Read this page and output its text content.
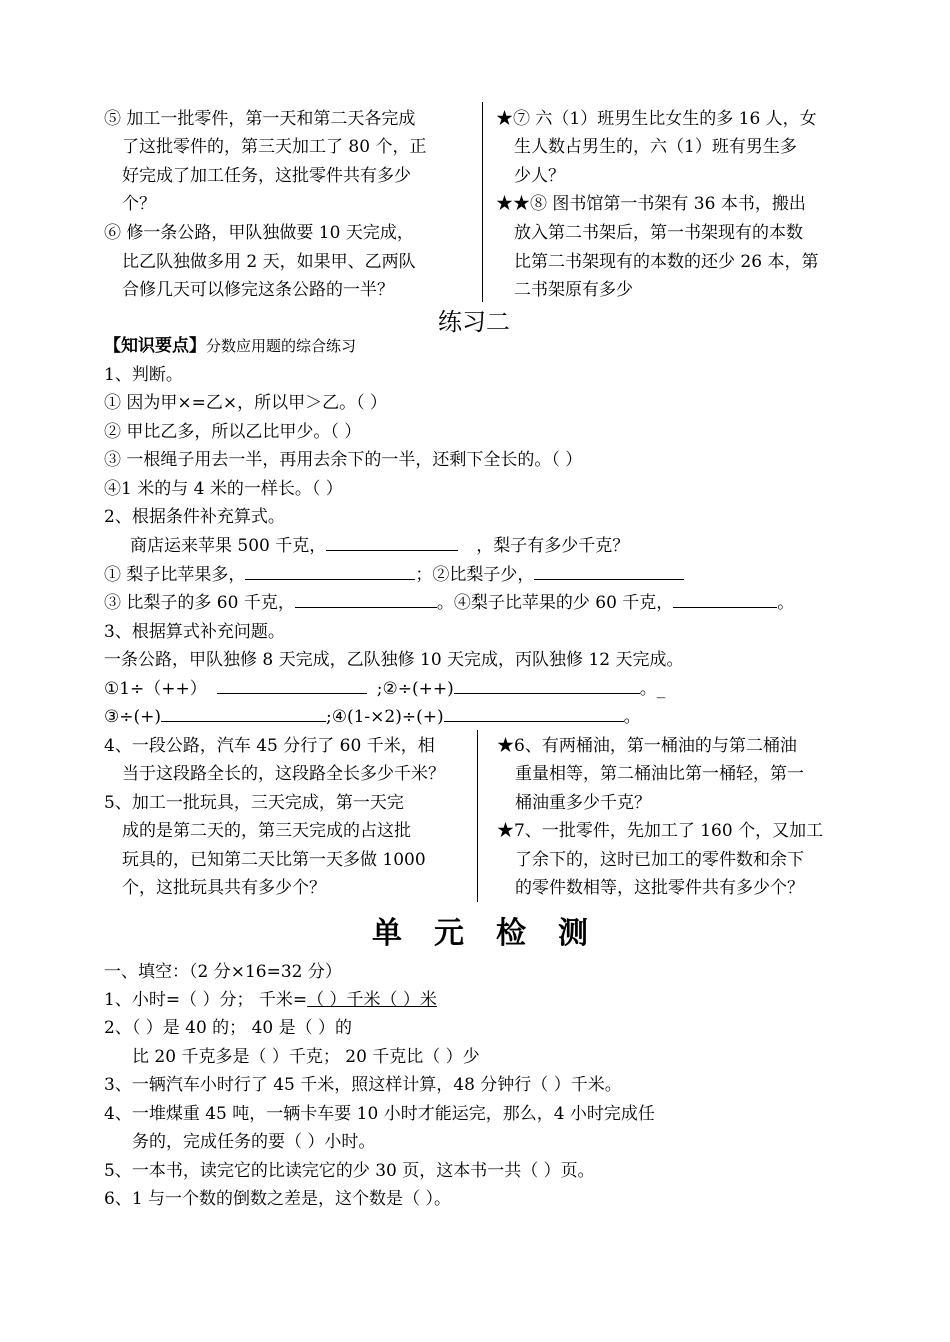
⑤ 加工一批零件，第一天和第二天各完成
了这批零件的，第三天加工了 80 个，正
好完成了加工任务，这批零件共有多少
个？
⑥ 修一条公路，甲队独做要 10 天完成，
比乙队独做多用 2 天，如果甲、乙两队
合修几天可以修完这条公路的一半？
★⑦ 六（1）班男生比女生的多 16 人，女
生人数占男生的，六（1）班有男生多
少人？
★★⑧ 图书馆第一书架有 36 本书，搬出
放入第二书架后，第一书架现有的本数
比第二书架现有的本数的还少 26 本，第
二书架原有多少
练习二
【知识要点】分数应用题的综合练习
1、判断。
① 因为甲×=乙×，所以甲＞乙。（ ）
② 甲比乙多，所以乙比甲少。（ ）
③ 一根绳子用去一半，再用去余下的一半，还剩下全长的。（ ）
④1 米的与 4 米的一样长。（ ）
2、根据条件补充算式。
商店运来苹果 500 千克，	，梨子有多少千克？
① 梨子比苹果多，	；②比梨子少，
③ 比梨子的多 60 千克，	。④梨子比苹果的少 60 千克，	。
3、根据算式补充问题。
一条公路，甲队独修 8 天完成，乙队独修 10 天完成，丙队独修 12 天完成。
①1÷（++）	;②÷(++)	。_
③÷(+)	;④(1-×2)÷(+)	。
4、一段公路，汽车 45 分行了 60 千米，相
当于这段路全长的，这段路全长多少千米？
5、加工一批玩具，三天完成，第一天完
成的是第二天的，第三天完成的占这批
玩具的，已知第二天比第一天多做 1000
个，这批玩具共有多少个？
★6、有两桶油，第一桶油的与第二桶油
重量相等，第二桶油比第一桶轻，第一
桶油重多少千克？
★7、一批零件，先加工了 160 个，又加工
了余下的，这时已加工的零件数和余下
的零件数相等，这批零件共有多少个？
单元检测
一、填空：（2 分×16=32 分）
1、小时=（ ）分； 千米=（ ）千米（ ）米
2、（ ）是 40 的； 40 是（ ）的
比 20 千克多是（ ）千克； 20 千克比（ ）少
3、一辆汽车小时行了 45 千米，照这样计算，48 分钟行（ ）千米。
4、一堆煤重 45 吨，一辆卡车要 10 小时才能运完，那么，4 小时完成任
务的，完成任务的要（ ）小时。
5、一本书，读完它的比读完它的少 30 页，这本书一共（ ）页。
6、1 与一个数的倒数之差是，这个数是（ ）。
